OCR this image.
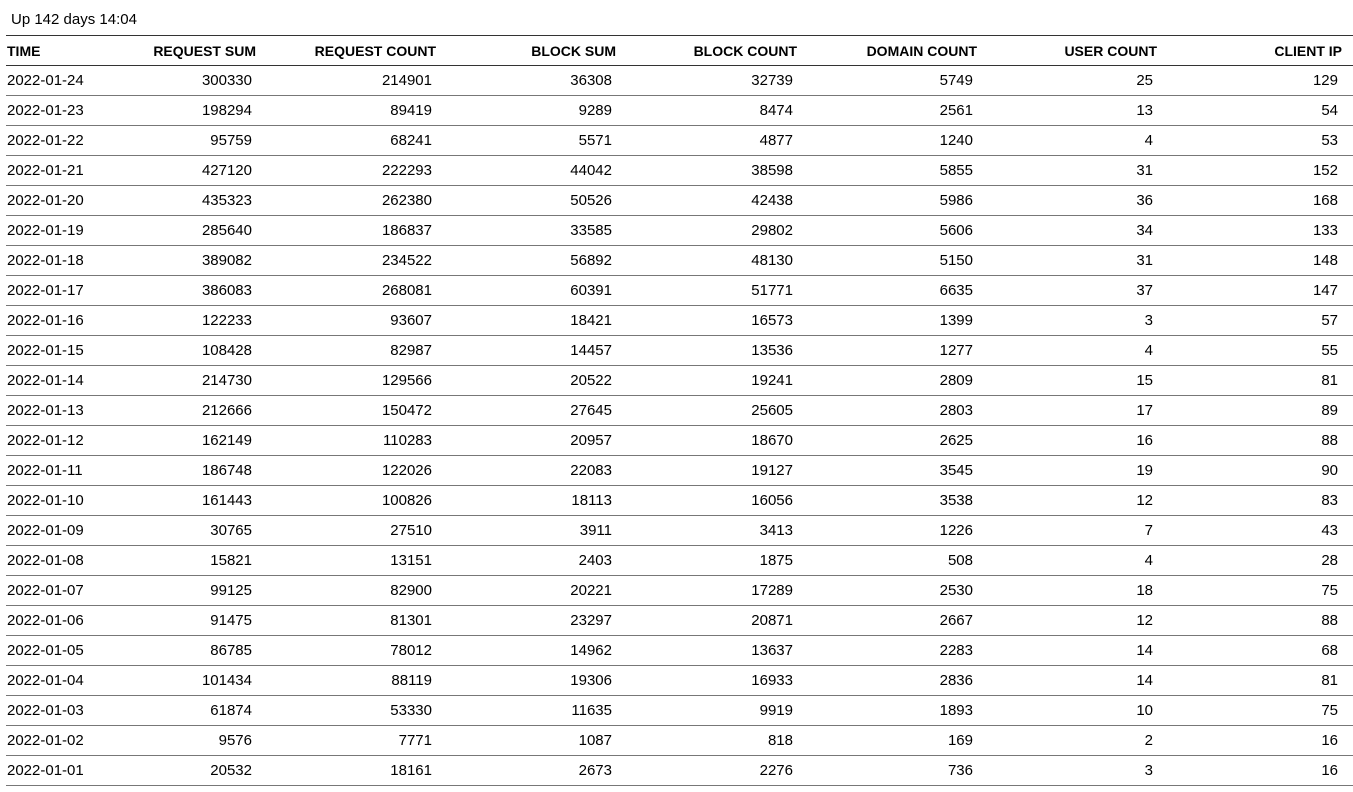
Up 142 days 14:04
TIME	REQUEST SUM	REQUEST COUNT	BLOCK SUM	BLOCK COUNT	DOMAIN COUNT	USER COUNT	CLIENT IP
2022-01-24	300330	214901	36308	32739	5749	25	129
2022-01-23	198294	89419	9289	8474	2561	13	54
2022-01-22	95759	68241	5571	4877	1240	4	53
2022-01-21	427120	222293	44042	38598	5855	31	152
2022-01-20	435323	262380	50526	42438	5986	36	168
2022-01-19	285640	186837	33585	29802	5606	34	133
2022-01-18	389082	234522	56892	48130	5150	31	148
2022-01-17	386083	268081	60391	51771	6635	37	147
2022-01-16	122233	93607	18421	16573	1399	3	57
2022-01-15	108428	82987	14457	13536	1277	4	55
2022-01-14	214730	129566	20522	19241	2809	15	81
2022-01-13	212666	150472	27645	25605	2803	17	89
2022-01-12	162149	110283	20957	18670	2625	16	88
2022-01-11	186748	122026	22083	19127	3545	19	90
2022-01-10	161443	100826	18113	16056	3538	12	83
2022-01-09	30765	27510	3911	3413	1226	7	43
2022-01-08	15821	13151	2403	1875	508	4	28
2022-01-07	99125	82900	20221	17289	2530	18	75
2022-01-06	91475	81301	23297	20871	2667	12	88
2022-01-05	86785	78012	14962	13637	2283	14	68
2022-01-04	101434	88119	19306	16933	2836	14	81
2022-01-03	61874	53330	11635	9919	1893	10	75
2022-01-02	9576	7771	1087	818	169	2	16
2022-01-01	20532	18161	2673	2276	736	3	16
